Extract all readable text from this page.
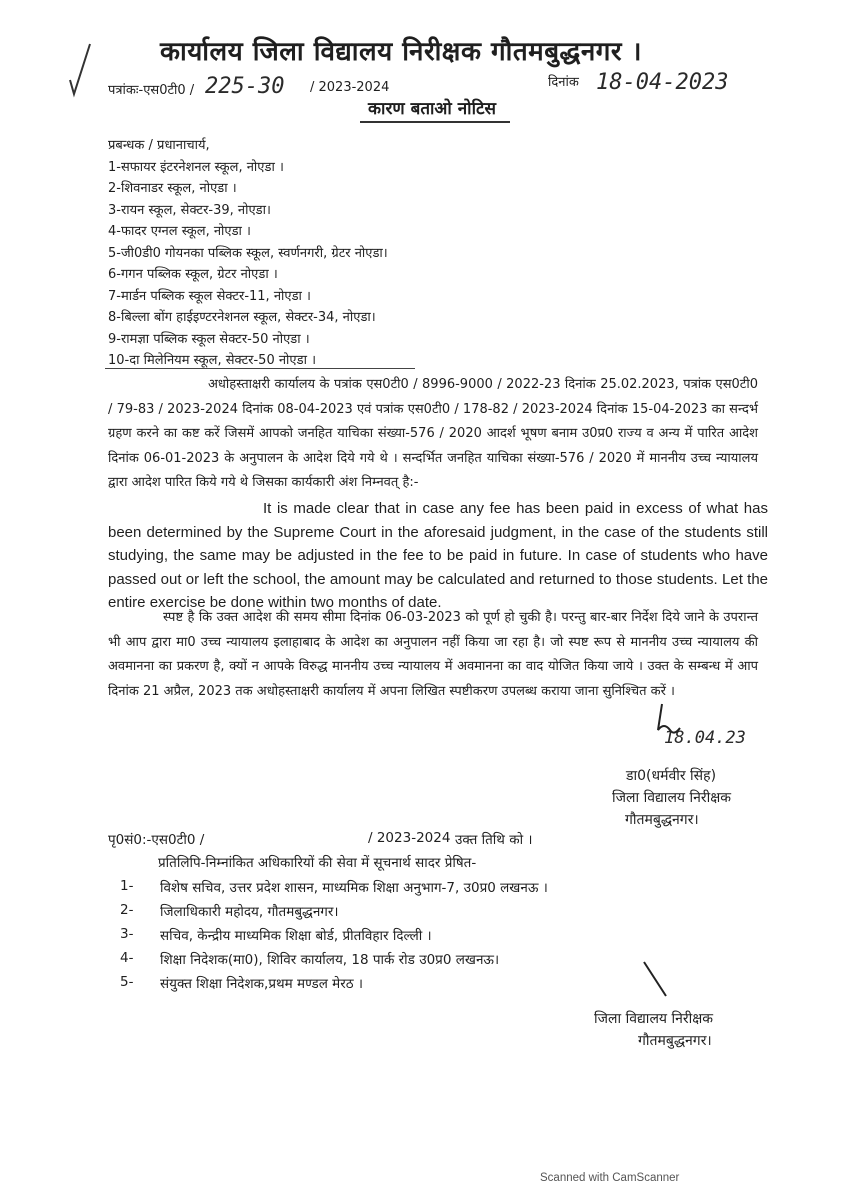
कार्यालय जिला विद्यालय निरीक्षक गौतमबुद्धनगर ।
पत्रांकः-एस0टी0 / 225-30 / 2023-2024	दिनांक 18-04-2023
कारण बताओ नोटिस
प्रबन्धक / प्रधानाचार्य,
1-सफायर इंटरनेशनल स्कूल, नोएडा ।
2-शिवनाडर स्कूल, नोएडा ।
3-रायन स्कूल, सेक्टर-39, नोएडा।
4-फादर एग्नल स्कूल, नोएडा ।
5-जी0डी0 गोयनका पब्लिक स्कूल, स्वर्णनगरी, ग्रेटर नोएडा।
6-गगन पब्लिक स्कूल, ग्रेटर नोएडा ।
7-मार्डन पब्लिक स्कूल सेक्टर-11, नोएडा ।
8-बिल्ला बोंग हाईइण्टरनेशनल स्कूल, सेक्टर-34, नोएडा।
9-रामज्ञा पब्लिक स्कूल सेक्टर-50 नोएडा ।
10-दा मिलेनियम स्कूल, सेक्टर-50 नोएडा ।
अधोहस्ताक्षरी कार्यालय के पत्रांक एस0टी0 / 8996-9000 / 2022-23 दिनांक 25.02.2023, पत्रांक एस0टी0 / 79-83 / 2023-2024 दिनांक 08-04-2023 एवं पत्रांक एस0टी0 / 178-82 / 2023-2024 दिनांक 15-04-2023 का सन्दर्भ ग्रहण करने का कष्ट करें जिसमें आपको जनहित याचिका संख्या-576 / 2020 आदर्श भूषण बनाम उ0प्र0 राज्य व अन्य में पारित आदेश दिनांक 06-01-2023 के अनुपालन के आदेश दिये गये थे । सन्दर्भित जनहित याचिका संख्या-576 / 2020 में माननीय उच्च न्यायालय द्वारा आदेश पारित किये गये थे जिसका कार्यकारी अंश निम्नवत् है:-
It is made clear that in case any fee has been paid in excess of what has been determined by the Supreme Court in the aforesaid judgment, in the case of the students still studying, the same may be adjusted in the fee to be paid in future. In case of students who have passed out or left the school, the amount may be calculated and returned to those students. Let the entire exercise be done within two months of date.
स्पष्ट है कि उक्त आदेश की समय सीमा दिनांक 06-03-2023 को पूर्ण हो चुकी है। परन्तु बार-बार निर्देश दिये जाने के उपरान्त भी आप द्वारा मा0 उच्च न्यायालय इलाहाबाद के आदेश का अनुपालन नहीं किया जा रहा है। जो स्पष्ट रूप से माननीय उच्च न्यायालय की अवमानना का प्रकरण है, क्यों न आपके विरुद्ध माननीय उच्च न्यायालय में अवमानना का वाद योजित किया जाये । उक्त के सम्बन्ध में आप दिनांक 21 अप्रैल, 2023 तक अधोहस्ताक्षरी कार्यालय में अपना लिखित स्पष्टीकरण उपलब्ध कराया जाना सुनिश्चित करें ।
18.04.23
डा0(धर्मवीर सिंह)
जिला विद्यालय निरीक्षक
गौतमबुद्धनगर।
पृ0सं0:-एस0टी0 /	/ 2023-2024 उक्त तिथि को ।
प्रतिलिपि-निम्नांकित अधिकारियों की सेवा में सूचनार्थ सादर प्रेषित-
1- विशेष सचिव, उत्तर प्रदेश शासन, माध्यमिक शिक्षा अनुभाग-7, उ0प्र0 लखनऊ ।
2- जिलाधिकारी महोदय, गौतमबुद्धनगर।
3- सचिव, केन्द्रीय माध्यमिक शिक्षा बोर्ड, प्रीतविहार दिल्ली ।
4- शिक्षा निदेशक(मा0), शिविर कार्यालय, 18 पार्क रोड उ0प्र0 लखनऊ।
5- संयुक्त शिक्षा निदेशक,प्रथम मण्डल मेरठ ।
जिला विद्यालय निरीक्षक
गौतमबुद्धनगर।
Scanned with CamScanner
